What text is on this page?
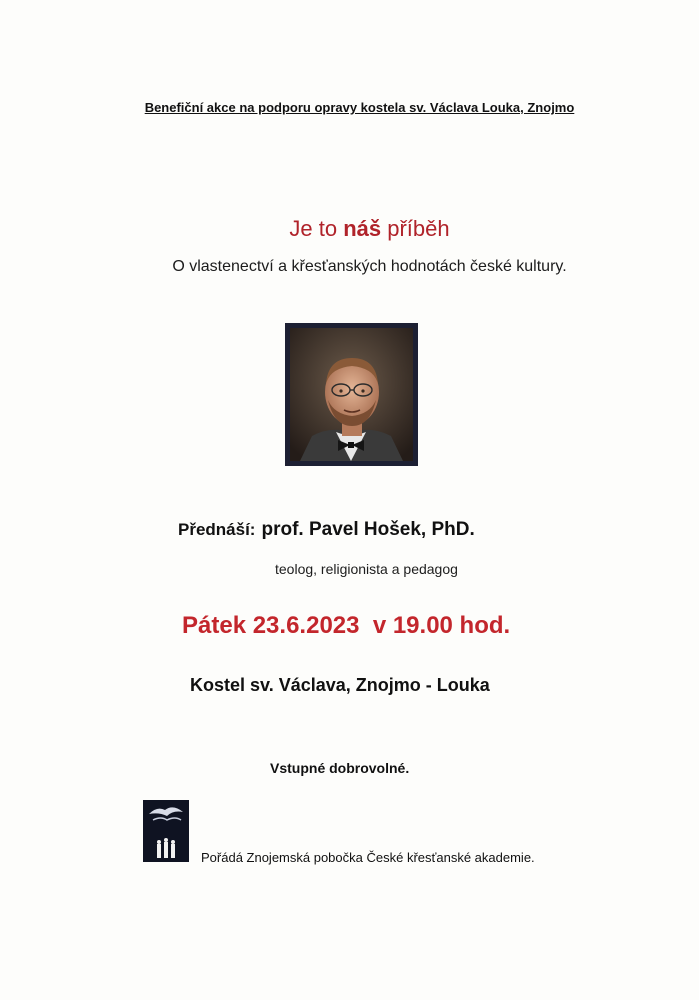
Benefiční akce na podporu opravy kostela sv. Václava Louka, Znojmo
Je to náš příběh
O vlastenectví a křesťanských hodnotách české kultury.
Přednáší: prof. Pavel Hošek, PhD.
teolog, religionista a pedagog
Pátek 23.6.2023  v 19.00 hod.
Kostel sv. Václava, Znojmo - Louka
Vstupné dobrovolné.
Pořádá Znojemská pobočka České křesťanské akademie.
